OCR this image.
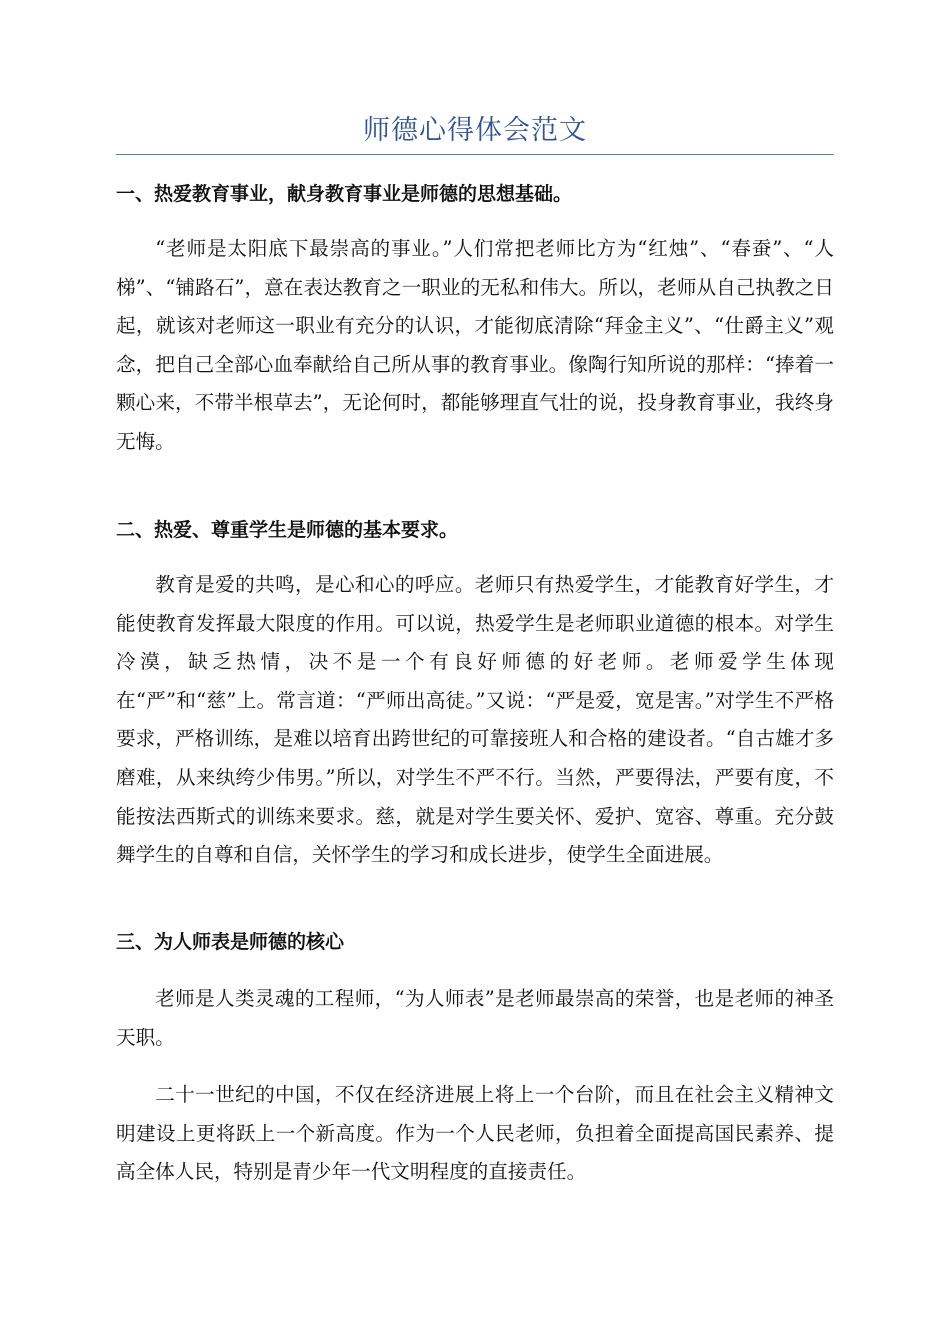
师德心得体会范文
一、热爱教育事业，献身教育事业是师德的思想基础。

“老师是太阳底下最崇高的事业。”人们常把老师比方为“红烛”、“春蚕”、“人梯”、“铺路石”，意在表达教育之一职业的无私和伟大。所以，老师从自己执教之日起，就该对老师这一职业有充分的认识，才能彻底清除“拜金主义”、“仕爵主义”观念，把自己全部心血奉献给自己所从事的教育事业。像陶行知所说的那样：“捧着一颗心来，不带半根草去”，无论何时，都能够理直气壮的说，投身教育事业，我终身无悔。

二、热爱、尊重学生是师德的基本要求。

教育是爱的共鸣，是心和心的呼应。老师只有热爱学生，才能教育好学生，才能使教育发挥最大限度的作用。可以说，热爱学生是老师职业道德的根本。对学生冷漠，缺乏热情，决不是一个有良好师德的好老师。老师爱学生体现在“严”和“慈”上。常言道：“严师出高徒。”又说：“严是爱，宽是害。”对学生不严格要求，严格训练，是难以培育出跨世纪的可靠接班人和合格的建设者。“自古雄才多磨难，从来纨绔少伟男。”所以，对学生不严不行。当然，严要得法，严要有度，不能按法西斯式的训练来要求。慈，就是对学生要关怀、爱护、宽容、尊重。充分鼓舞学生的自尊和自信，关怀学生的学习和成长进步，使学生全面进展。

三、为人师表是师德的核心

老师是人类灵魂的工程师，“为人师表”是老师最崇高的荣誉，也是老师的神圣天职。

二十一世纪的中国，不仅在经济进展上将上一个台阶，而且在社会主义精神文明建设上更将跃上一个新高度。作为一个人民老师，负担着全面提高国民素养、提高全体人民，特别是青少年一代文明程度的直接责任。
